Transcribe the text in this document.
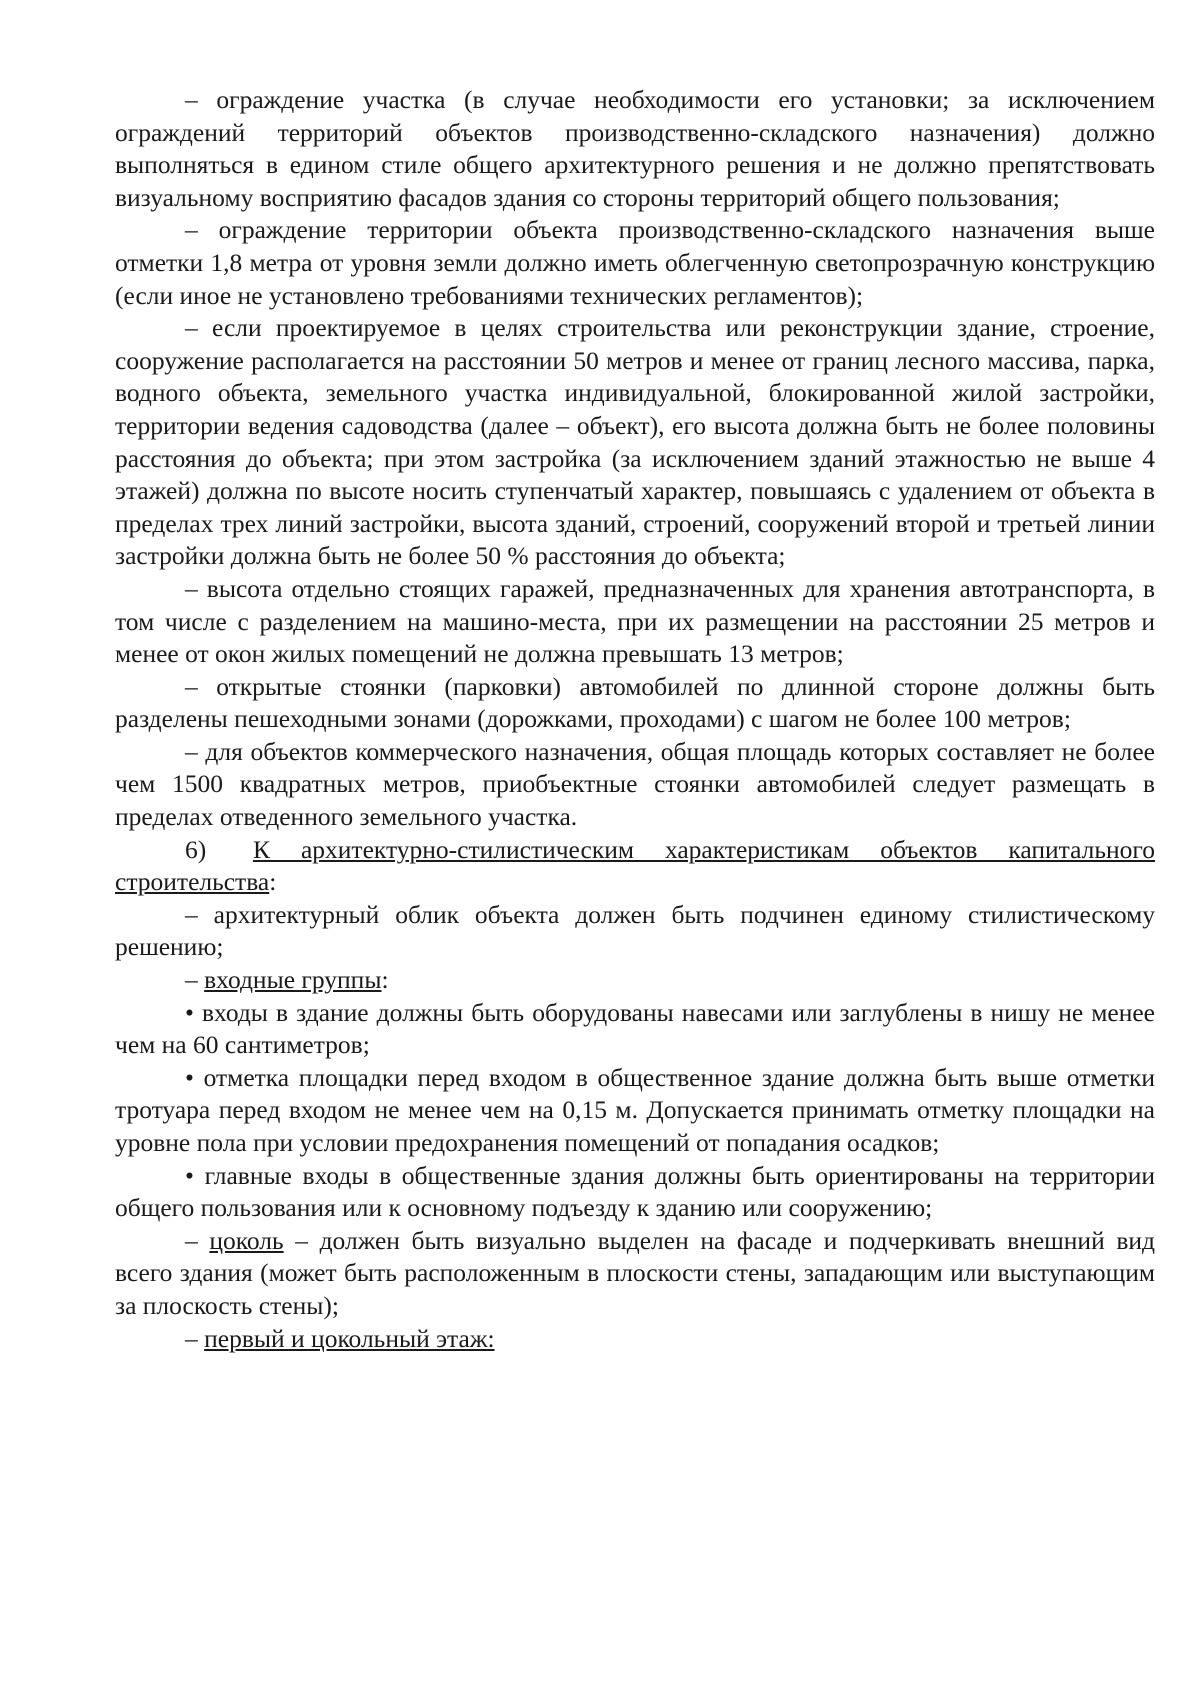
– ограждение участка (в случае необходимости его установки; за исключением ограждений территорий объектов производственно-складского назначения) должно выполняться в едином стиле общего архитектурного решения и не должно препятствовать визуальному восприятию фасадов здания со стороны территорий общего пользования;

– ограждение территории объекта производственно-складского назначения выше отметки 1,8 метра от уровня земли должно иметь облегченную светопрозрачную конструкцию (если иное не установлено требованиями технических регламентов);

– если проектируемое в целях строительства или реконструкции здание, строение, сооружение располагается на расстоянии 50 метров и менее от границ лесного массива, парка, водного объекта, земельного участка индивидуальной, блокированной жилой застройки, территории ведения садоводства (далее – объект), его высота должна быть не более половины расстояния до объекта; при этом застройка (за исключением зданий этажностью не выше 4 этажей) должна по высоте носить ступенчатый характер, повышаясь с удалением от объекта в пределах трех линий застройки, высота зданий, строений, сооружений второй и третьей линии застройки должна быть не более 50 % расстояния до объекта;

– высота отдельно стоящих гаражей, предназначенных для хранения автотранспорта, в том числе с разделением на машино-места, при их размещении на расстоянии 25 метров и менее от окон жилых помещений не должна превышать 13 метров;

– открытые стоянки (парковки) автомобилей по длинной стороне должны быть разделены пешеходными зонами (дорожками, проходами) с шагом не более 100 метров;

– для объектов коммерческого назначения, общая площадь которых составляет не более чем 1500 квадратных метров, приобъектные стоянки автомобилей следует размещать в пределах отведенного земельного участка.

6) К архитектурно-стилистическим характеристикам объектов капитального строительства:

– архитектурный облик объекта должен быть подчинен единому стилистическому решению;

– входные группы:

• входы в здание должны быть оборудованы навесами или заглублены в нишу не менее чем на 60 сантиметров;

• отметка площадки перед входом в общественное здание должна быть выше отметки тротуара перед входом не менее чем на 0,15 м. Допускается принимать отметку площадки на уровне пола при условии предохранения помещений от попадания осадков;

• главные входы в общественные здания должны быть ориентированы на территории общего пользования или к основному подъезду к зданию или сооружению;

– цоколь – должен быть визуально выделен на фасаде и подчеркивать внешний вид всего здания (может быть расположенным в плоскости стены, западающим или выступающим за плоскость стены);

– первый и цокольный этаж:
